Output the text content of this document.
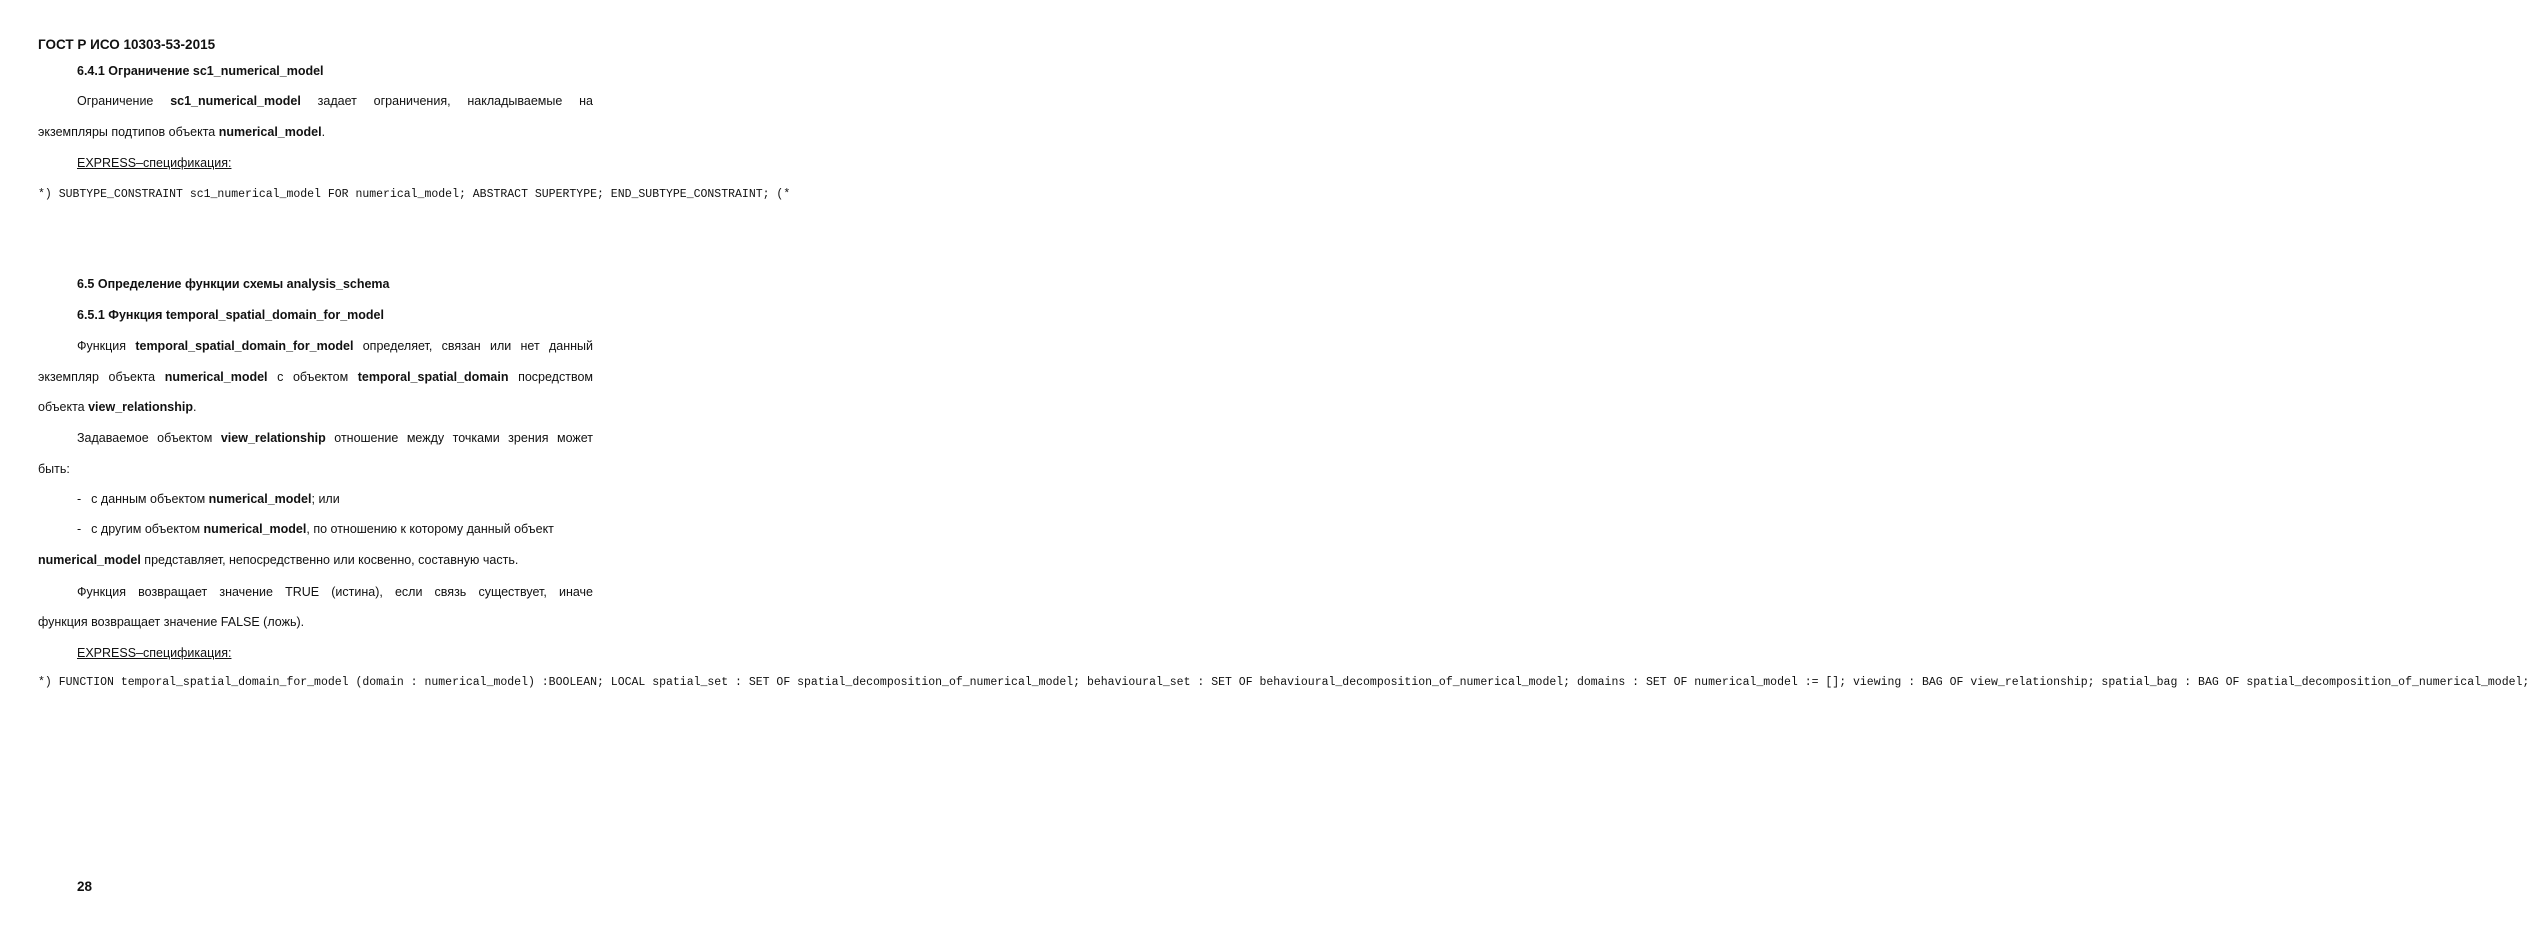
ГОСТ Р ИСО 10303-53-2015
6.4.1 Ограничение sc1_numerical_model
Ограничение sc1_numerical_model задает ограничения, накладываемые на
экземпляры подтипов объекта numerical_model.
EXPRESS–спецификация:
*) SUBTYPE_CONSTRAINT sc1_numerical_model FOR numerical_model; ABSTRACT SUPERTYPE; END_SUBTYPE_CONSTRAINT; (*
6.5 Определение функции схемы analysis_schema
6.5.1 Функция temporal_spatial_domain_for_model
Функция temporal_spatial_domain_for_model определяет, связан или нет данный
экземпляр объекта numerical_model с объектом temporal_spatial_domain посредством
объекта view_relationship.
Задаваемое объектом view_relationship отношение между точками зрения может
быть:
- с данным объектом numerical_model; или
- с другим объектом numerical_model, по отношению к которому данный объект
numerical_model представляет, непосредственно или косвенно, составную часть.
Функция возвращает значение TRUE (истина), если связь существует, иначе
функция возвращает значение FALSE (ложь).
EXPRESS–спецификация:
*) FUNCTION temporal_spatial_domain_for_model (domain : numerical_model) :BOOLEAN; LOCAL spatial_set : SET OF spatial_decomposition_of_numerical_model; behavioural_set : SET OF behavioural_decomposition_of_numerical_model; domains : SET OF numerical_model := []; viewing : BAG OF view_relationship; spatial_bag : BAG OF spatial_decomposition_of_numerical_model;
28
